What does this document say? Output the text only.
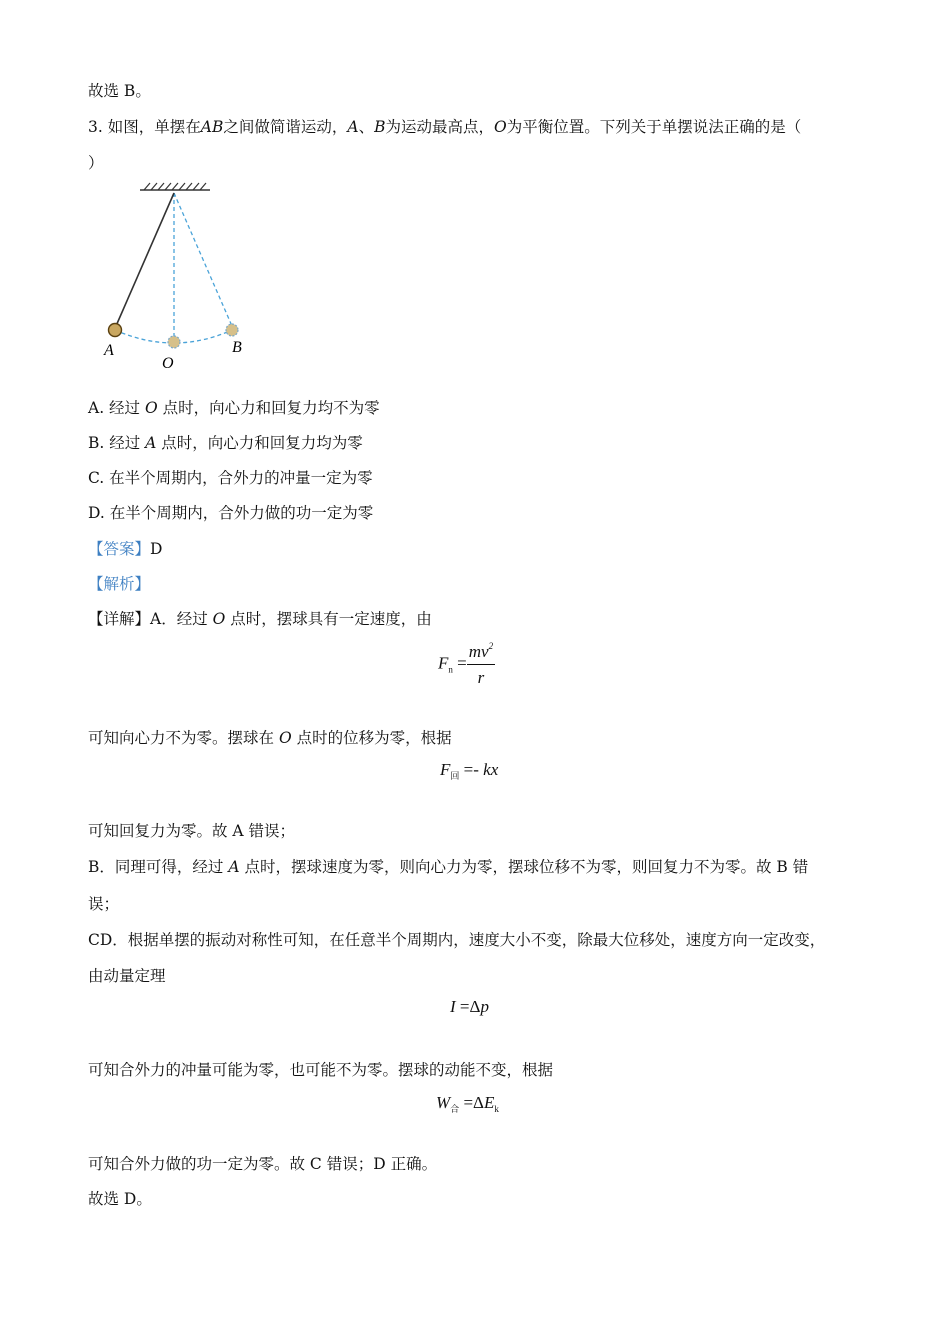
故选 B。
3. 如图，单摆在AB之间做简谐运动，A、B为运动最高点，O为平衡位置。下列关于单摆说法正确的是（
）
A
O
B
A. 经过 O 点时，向心力和回复力均不为零
B. 经过 A 点时，向心力和回复力均为零
C. 在半个周期内，合外力的冲量一定为零
D. 在半个周期内，合外力做的功一定为零
【答案】D
【解析】
【详解】A．经过 O 点时，摆球具有一定速度，由
$F_n = \frac{mv^2}{r}$
可知向心力不为零。摆球在 O 点时的位移为零，根据
$F_回$ =- kx
可知回复力为零。故 A 错误；
B．同理可得，经过 A 点时，摆球速度为零，则向心力为零，摆球位移不为零，则回复力不为零。故 B 错
误；
CD．根据单摆的振动对称性可知，在任意半个周期内，速度大小不变，除最大位移处，速度方向一定改变，
由动量定理
I =Δp
可知合外力的冲量可能为零，也可能不为零。摆球的动能不变，根据
$W_合 =\Delta E_k$
可知合外力做的功一定为零。故 C 错误；D 正确。
故选 D。
